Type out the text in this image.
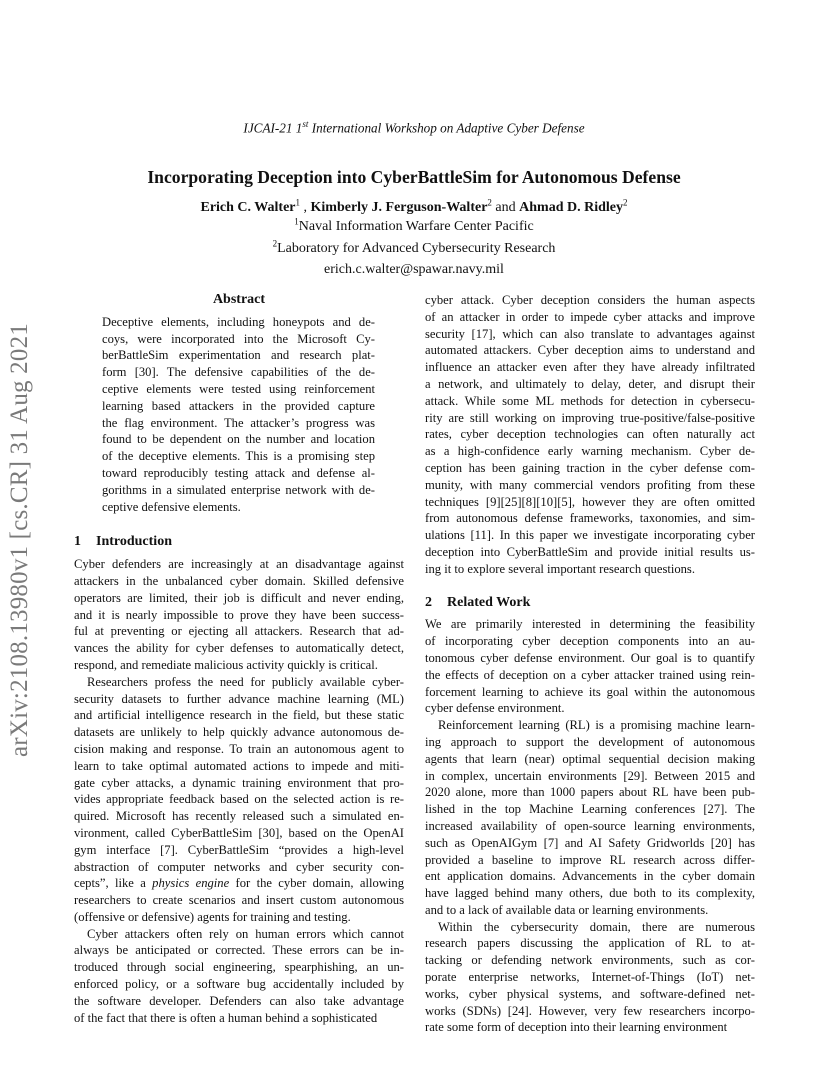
IJCAI-21 1st International Workshop on Adaptive Cyber Defense
Incorporating Deception into CyberBattleSim for Autonomous Defense
Erich C. Walter$^1$ , Kimberly J. Ferguson-Walter$^2$ and Ahmad D. Ridley$^2$
$^1$Naval Information Warfare Center Pacific
$^2$Laboratory for Advanced Cybersecurity Research
erich.c.walter@spawar.navy.mil
arXiv:2108.13980v1 [cs.CR] 31 Aug 2021
Abstract
Deceptive elements, including honeypots and de-
coys, were incorporated into the Microsoft Cy-
berBattleSim experimentation and research plat-
form [30]. The defensive capabilities of the de-
ceptive elements were tested using reinforcement
learning based attackers in the provided capture
the flag environment. The attacker’s progress was
found to be dependent on the number and location
of the deceptive elements. This is a promising step
toward reproducibly testing attack and defense al-
gorithms in a simulated enterprise network with de-
ceptive defensive elements.
1 Introduction
Cyber defenders are increasingly at an disadvantage against
attackers in the unbalanced cyber domain. Skilled defensive
operators are limited, their job is difficult and never ending,
and it is nearly impossible to prove they have been success-
ful at preventing or ejecting all attackers. Research that ad-
vances the ability for cyber defenses to automatically detect,
respond, and remediate malicious activity quickly is critical.
Researchers profess the need for publicly available cyber-
security datasets to further advance machine learning (ML)
and artificial intelligence research in the field, but these static
datasets are unlikely to help quickly advance autonomous de-
cision making and response. To train an autonomous agent to
learn to take optimal automated actions to impede and miti-
gate cyber attacks, a dynamic training environment that pro-
vides appropriate feedback based on the selected action is re-
quired. Microsoft has recently released such a simulated en-
vironment, called CyberBattleSim [30], based on the OpenAI
gym interface [7]. CyberBattleSim “provides a high-level
abstraction of computer networks and cyber security con-
cepts”, like a physics engine for the cyber domain, allowing
researchers to create scenarios and insert custom autonomous
(offensive or defensive) agents for training and testing.
Cyber attackers often rely on human errors which cannot
always be anticipated or corrected. These errors can be in-
troduced through social engineering, spearphishing, an un-
enforced policy, or a software bug accidentally included by
the software developer. Defenders can also take advantage
of the fact that there is often a human behind a sophisticated
cyber attack. Cyber deception considers the human aspects
of an attacker in order to impede cyber attacks and improve
security [17], which can also translate to advantages against
automated attackers. Cyber deception aims to understand and
influence an attacker even after they have already infiltrated
a network, and ultimately to delay, deter, and disrupt their
attack. While some ML methods for detection in cybersecu-
rity are still working on improving true-positive/false-positive
rates, cyber deception technologies can often naturally act
as a high-confidence early warning mechanism. Cyber de-
ception has been gaining traction in the cyber defense com-
munity, with many commercial vendors profiting from these
techniques [9][25][8][10][5], however they are often omitted
from autonomous defense frameworks, taxonomies, and sim-
ulations [11]. In this paper we investigate incorporating cyber
deception into CyberBattleSim and provide initial results us-
ing it to explore several important research questions.
2 Related Work
We are primarily interested in determining the feasibility
of incorporating cyber deception components into an au-
tonomous cyber defense environment. Our goal is to quantify
the effects of deception on a cyber attacker trained using rein-
forcement learning to achieve its goal within the autonomous
cyber defense environment.
Reinforcement learning (RL) is a promising machine learn-
ing approach to support the development of autonomous
agents that learn (near) optimal sequential decision making
in complex, uncertain environments [29]. Between 2015 and
2020 alone, more than 1000 papers about RL have been pub-
lished in the top Machine Learning conferences [27]. The
increased availability of open-source learning environments,
such as OpenAIGym [7] and AI Safety Gridworlds [20] has
provided a baseline to improve RL research across differ-
ent application domains. Advancements in the cyber domain
have lagged behind many others, due both to its complexity,
and to a lack of available data or learning environments.
Within the cybersecurity domain, there are numerous
research papers discussing the application of RL to at-
tacking or defending network environments, such as cor-
porate enterprise networks, Internet-of-Things (IoT) net-
works, cyber physical systems, and software-defined net-
works (SDNs) [24]. However, very few researchers incorpo-
rate some form of deception into their learning environment
